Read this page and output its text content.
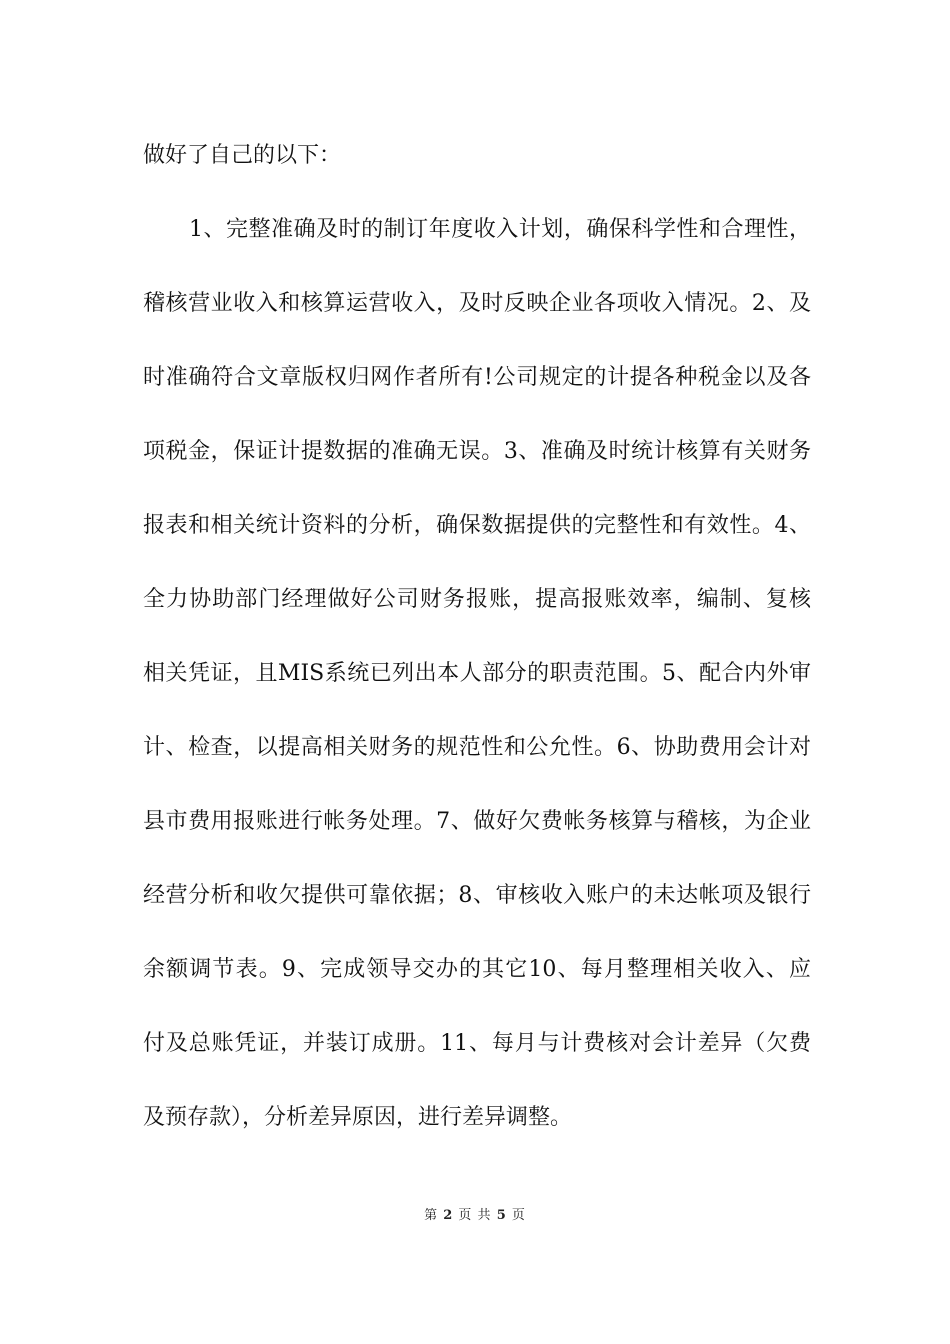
做好了自己的以下：
1、完整准确及时的制订年度收入计划，确保科学性和合理性，
稽核营业收入和核算运营收入，及时反映企业各项收入情况。2、及
时准确符合文章版权归网作者所有!公司规定的计提各种税金以及各
项税金，保证计提数据的准确无误。3、准确及时统计核算有关财务
报表和相关统计资料的分析，确保数据提供的完整性和有效性。4、
全力协助部门经理做好公司财务报账，提高报账效率，编制、复核
相关凭证，且MIS系统已列出本人部分的职责范围。5、配合内外审
计、检查，以提高相关财务的规范性和公允性。6、协助费用会计对
县市费用报账进行帐务处理。7、做好欠费帐务核算与稽核，为企业
经营分析和收欠提供可靠依据；8、审核收入账户的未达帐项及银行
余额调节表。9、完成领导交办的其它10、每月整理相关收入、应
付及总账凭证，并装订成册。11、每月与计费核对会计差异（欠费
及预存款），分析差异原因，进行差异调整。
第 2 页 共 5 页
